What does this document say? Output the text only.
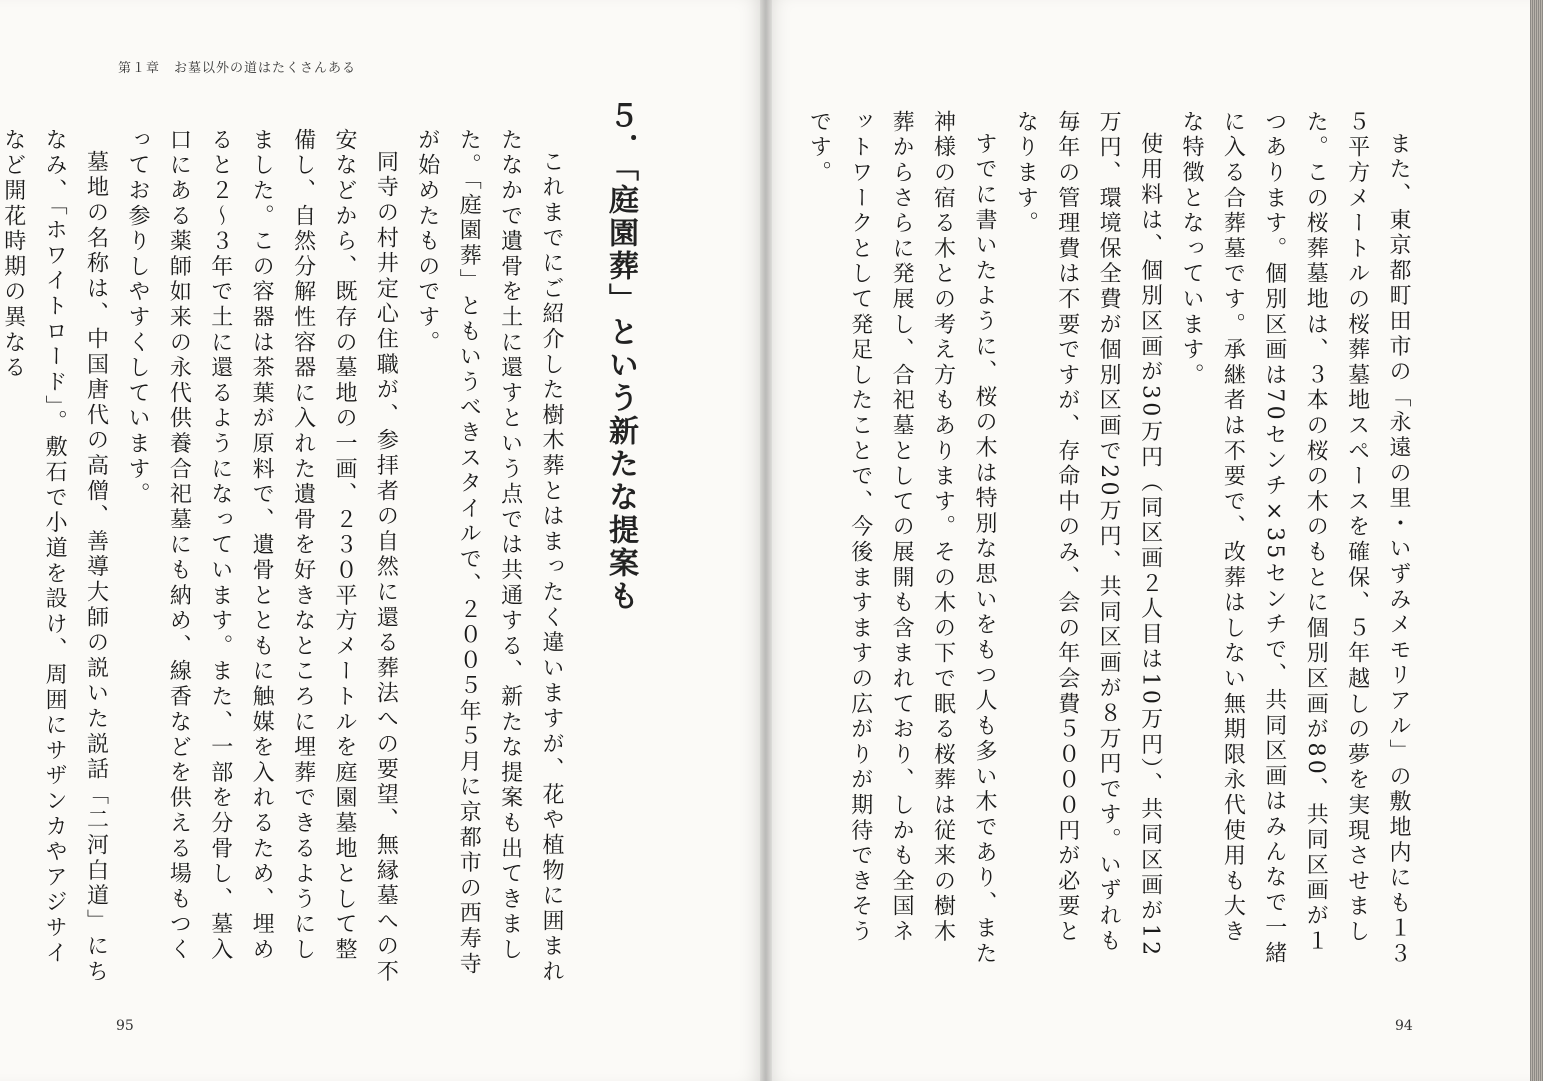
第１章　お墓以外の道はたくさんある
５．「庭園葬」という新たな提案も

これまでにご紹介した樹木葬とはまったく違いますが、花や植物に囲まれたなかで遺骨を土に還すという点では共通する、新たな提案も出てきました。「庭園葬」ともいうべきスタイルで、２００５年５月に京都市の西寿寺が始めたものです。

同寺の村井定心住職が、参拝者の自然に還る葬法への要望、無縁墓への不安などから、既存の墓地の一画、２３０平方メートルを庭園墓地として整備し、自然分解性容器に入れた遺骨を好きなところに埋葬できるようにしました。この容器は茶葉が原料で、遺骨とともに触媒を入れるため、埋めると２～３年で土に還るようになっています。また、一部を分骨し、墓入口にある薬師如来の永代供養合祀墓にも納め、線香などを供える場もつくってお参りしやすくしています。

墓地の名称は、中国唐代の高僧、善導大師の説いた説話「二河白道」にちなみ、「ホワイトロード」。敷石で小道を設け、周囲にサザンカやアジサイなど開花時期の異なる

95	94

また、東京都町田市の「永遠の里・いずみメモリアル」の敷地内にも１３５平方メートルの桜葬墓地スペースを確保、５年越しの夢を実現させました。この桜葬墓地は、３本の桜の木のもとに個別区画が80、共同区画が１つあります。個別区画は70センチ×35センチで、共同区画はみんなで一緒に入る合葬墓です。承継者は不要で、改葬はしない無期限永代使用も大きな特徴となっています。

使用料は、個別区画が30万円（同区画２人目は10万円）、共同区画が12万円、環境保全費が個別区画で20万円、共同区画が８万円です。いずれも毎年の管理費は不要ですが、存命中のみ、会の年会費５０００円が必要となります。

すでに書いたように、桜の木は特別な思いをもつ人も多い木であり、また神様の宿る木との考え方もあります。その木の下で眠る桜葬は従来の樹木葬からさらに発展し、合祀墓としての展開も含まれており、しかも全国ネットワークとして発足したことで、今後ますますの広がりが期待できそうです。
